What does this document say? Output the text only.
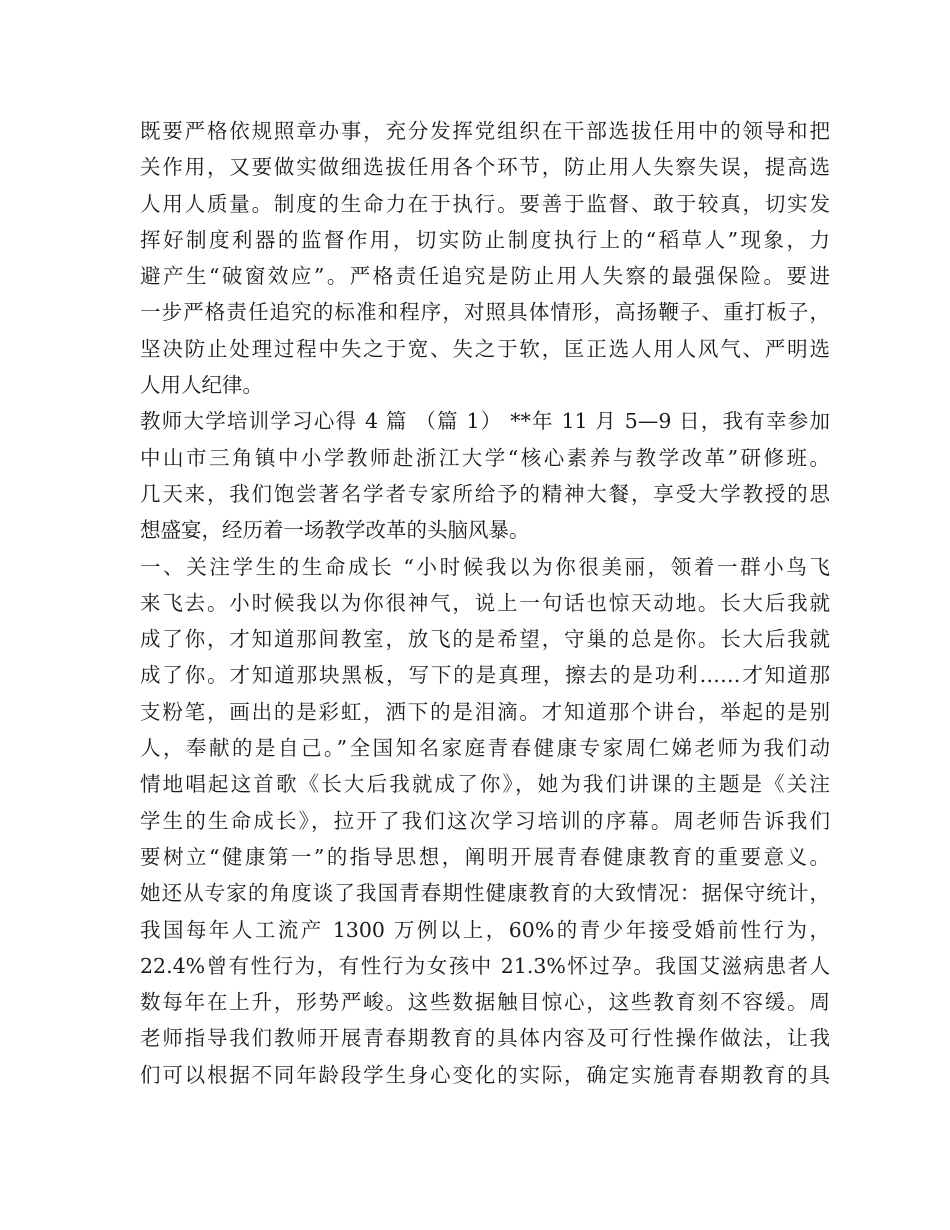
既要严格依规照章办事，充分发挥党组织在干部选拔任用中的领导和把
关作用，又要做实做细选拔任用各个环节，防止用人失察失误，提高选
人用人质量。制度的生命力在于执行。要善于监督、敢于较真，切实发
挥好制度利器的监督作用，切实防止制度执行上的“稻草人”现象，力
避产生“破窗效应”。严格责任追究是防止用人失察的最强保险。要进
一步严格责任追究的标准和程序，对照具体情形，高扬鞭子、重打板子，
坚决防止处理过程中失之于宽、失之于软，匡正选人用人风气、严明选
人用人纪律。
教师大学培训学习心得 4 篇 （篇 1） **年 11 月 5—9 日，我有幸参加
中山市三角镇中小学教师赴浙江大学“核心素养与教学改革”研修班。
几天来，我们饱尝著名学者专家所给予的精神大餐，享受大学教授的思
想盛宴，经历着一场教学改革的头脑风暴。
一、关注学生的生命成长 “小时候我以为你很美丽，领着一群小鸟飞
来飞去。小时候我以为你很神气，说上一句话也惊天动地。长大后我就
成了你，才知道那间教室，放飞的是希望，守巢的总是你。长大后我就
成了你。才知道那块黑板，写下的是真理，擦去的是功利……才知道那
支粉笔，画出的是彩虹，洒下的是泪滴。才知道那个讲台，举起的是别
人，奉献的是自己。”全国知名家庭青春健康专家周仁娣老师为我们动
情地唱起这首歌《长大后我就成了你》，她为我们讲课的主题是《关注
学生的生命成长》，拉开了我们这次学习培训的序幕。周老师告诉我们
要树立“健康第一”的指导思想，阐明开展青春健康教育的重要意义。
她还从专家的角度谈了我国青春期性健康教育的大致情况：据保守统计，
我国每年人工流产 1300 万例以上，60%的青少年接受婚前性行为，
22.4%曾有性行为，有性行为女孩中 21.3%怀过孕。我国艾滋病患者人
数每年在上升，形势严峻。这些数据触目惊心，这些教育刻不容缓。周
老师指导我们教师开展青春期教育的具体内容及可行性操作做法，让我
们可以根据不同年龄段学生身心变化的实际，确定实施青春期教育的具
